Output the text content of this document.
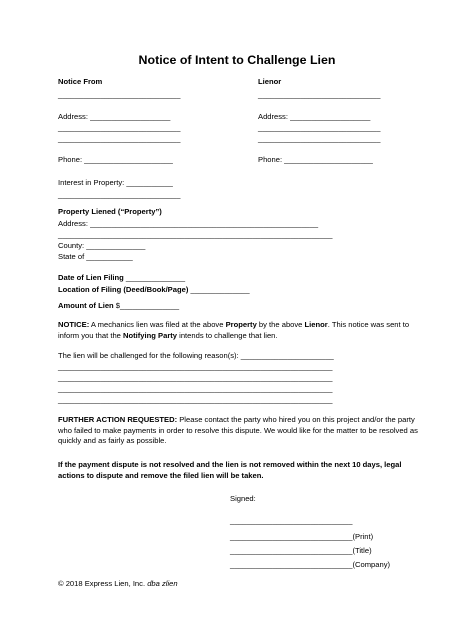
Notice of Intent to Challenge Lien
Notice From
_____________________________
Address: ___________________
_____________________________
_____________________________
Phone: _____________________
Interest in Property: ___________
_____________________________
Lienor
_____________________________
Address: ___________________
_____________________________
_____________________________
Phone: _____________________
Property Liened (“Property”)
Address: ______________________________________________________
_________________________________________________________________
County: ______________
State of ___________
Date of Lien Filing ______________
Location of Filing (Deed/Book/Page) ______________
Amount of Lien $______________
NOTICE: A mechanics lien was filed at the above Property by the above Lienor. This notice was sent to inform you that the Notifying Party intends to challenge that lien.
The lien will be challenged for the following reason(s): ______________________
_________________________________________________________________
_________________________________________________________________
_________________________________________________________________
_________________________________________________________________
FURTHER ACTION REQUESTED: Please contact the party who hired you on this project and/or the party who failed to make payments in order to resolve this dispute. We would like for the matter to be resolved as quickly and as fairly as possible.
If the payment dispute is not resolved and the lien is not removed within the next 10 days, legal actions to dispute and remove the filed lien will be taken.
Signed:
_____________________________
_____________________________(Print)
_____________________________(Title)
_____________________________(Company)
© 2018 Express Lien, Inc. dba zlien
